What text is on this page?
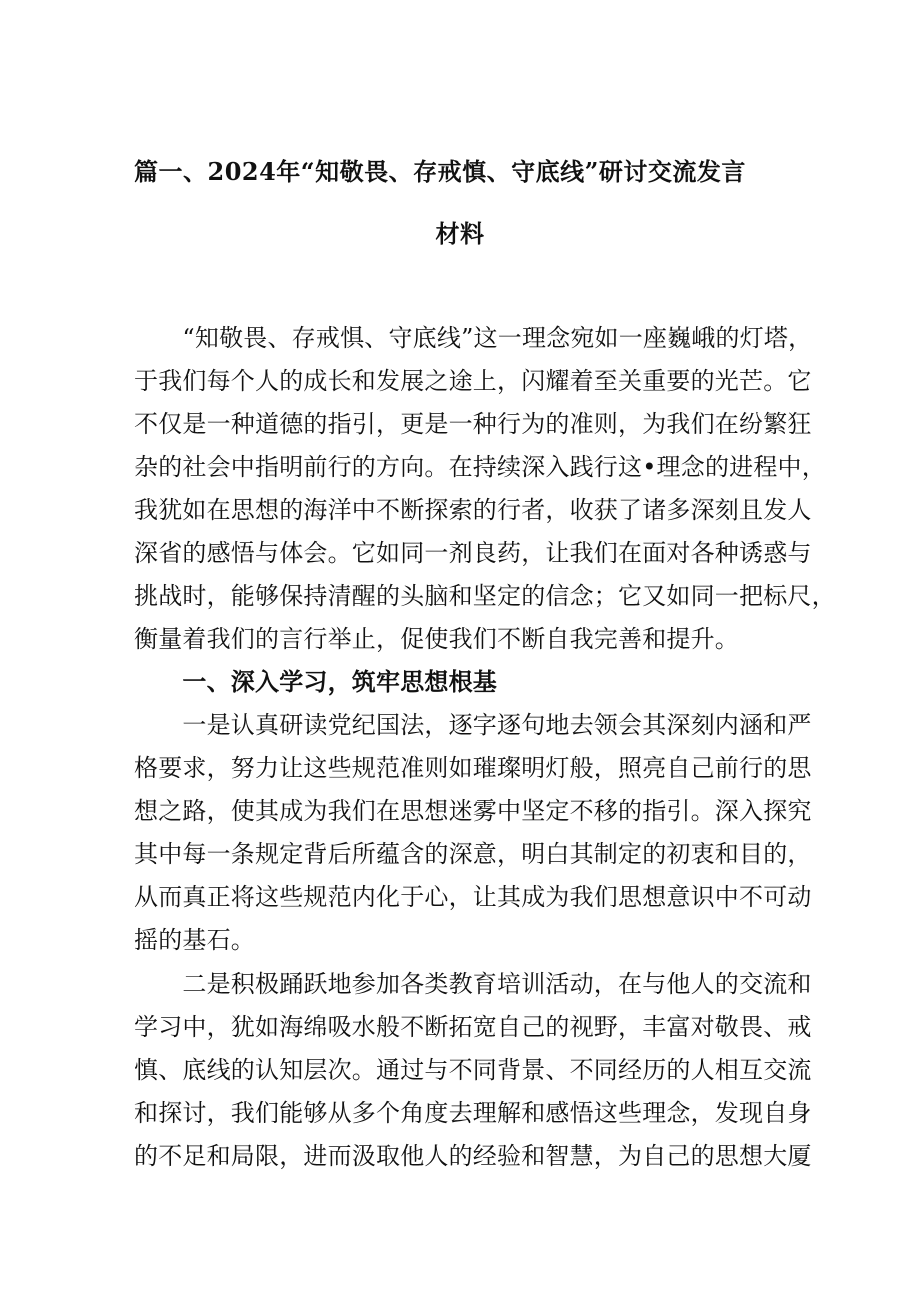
篇一、2024年“知敬畏、存戒慎、守底线”研讨交流发言
材料
　　“知敬畏、存戒惧、守底线”这一理念宛如一座巍峨的灯塔，
于我们每个人的成长和发展之途上，闪耀着至关重要的光芒。它
不仅是一种道德的指引，更是一种行为的准则，为我们在纷繁狂
杂的社会中指明前行的方向。在持续深入践行这•理念的进程中，
我犹如在思想的海洋中不断探索的行者，收获了诸多深刻且发人
深省的感悟与体会。它如同一剂良药，让我们在面对各种诱惑与
挑战时，能够保持清醒的头脑和坚定的信念；它又如同一把标尺，
衡量着我们的言行举止，促使我们不断自我完善和提升。
　　一、深入学习，筑牢思想根基
　　一是认真研读党纪国法，逐字逐句地去领会其深刻内涵和严
格要求，努力让这些规范准则如璀璨明灯般，照亮自己前行的思
想之路，使其成为我们在思想迷雾中坚定不移的指引。深入探究
其中每一条规定背后所蕴含的深意，明白其制定的初衷和目的，
从而真正将这些规范内化于心，让其成为我们思想意识中不可动
摇的基石。
　　二是积极踊跃地参加各类教育培训活动，在与他人的交流和
学习中，犹如海绵吸水般不断拓宽自己的视野，丰富对敬畏、戒
慎、底线的认知层次。通过与不同背景、不同经历的人相互交流
和探讨，我们能够从多个角度去理解和感悟这些理念，发现自身
的不足和局限，进而汲取他人的经验和智慧，为自己的思想大厦
